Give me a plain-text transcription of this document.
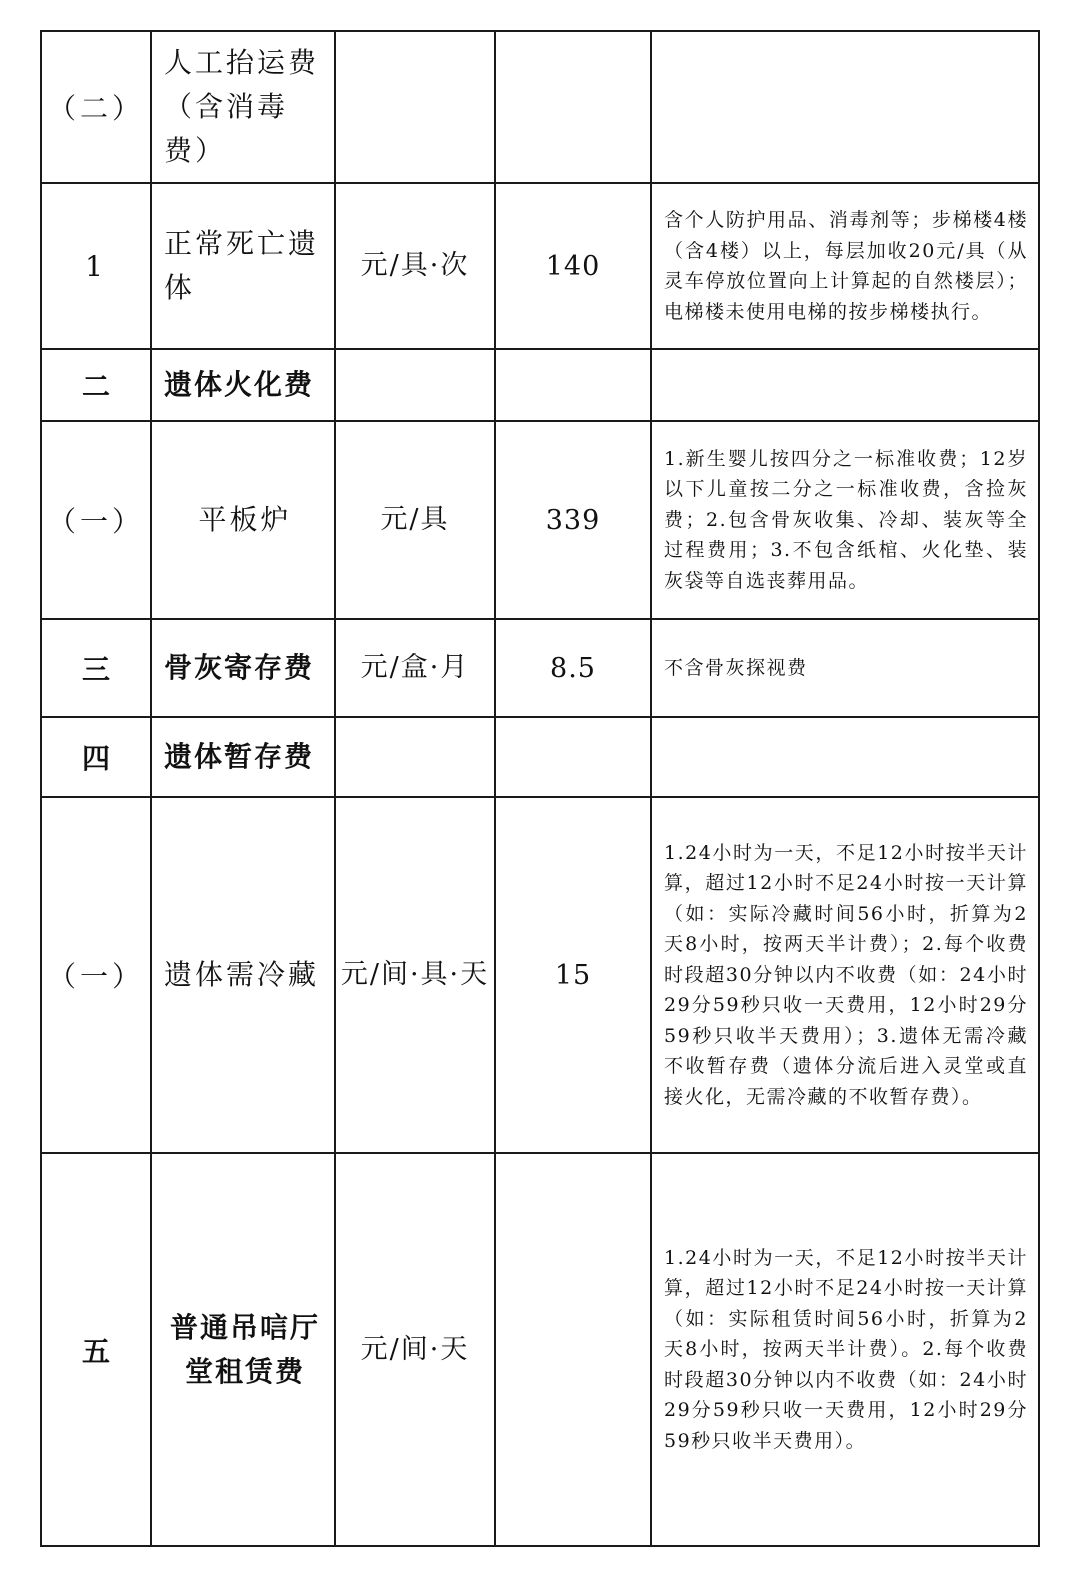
（二）	人工抬运费（含消毒费）			
1	正常死亡遗体	元/具·次	140	含个人防护用品、消毒剂等；步梯楼4楼（含4楼）以上，每层加收20元/具（从灵车停放位置向上计算起的自然楼层）；电梯楼未使用电梯的按步梯楼执行。
二	遗体火化费			
（一）	平板炉	元/具	339	1.新生婴儿按四分之一标准收费；12岁以下儿童按二分之一标准收费，含捡灰费；2.包含骨灰收集、冷却、装灰等全过程费用；3.不包含纸棺、火化垫、装灰袋等自选丧葬用品。
三	骨灰寄存费	元/盒·月	8.5	不含骨灰探视费
四	遗体暂存费			
（一）	遗体需冷藏	元/间·具·天	15	1.24小时为一天，不足12小时按半天计算，超过12小时不足24小时按一天计算（如：实际冷藏时间56小时，折算为2天8小时，按两天半计费）；2.每个收费时段超30分钟以内不收费（如：24小时29分59秒只收一天费用，12小时29分59秒只收半天费用）；3.遗体无需冷藏不收暂存费（遗体分流后进入灵堂或直接火化，无需冷藏的不收暂存费）。
五	普通吊唁厅堂租赁费	元/间·天		1.24小时为一天，不足12小时按半天计算，超过12小时不足24小时按一天计算（如：实际租赁时间56小时，折算为2天8小时，按两天半计费）。2.每个收费时段超30分钟以内不收费（如：24小时29分59秒只收一天费用，12小时29分59秒只收半天费用）。
